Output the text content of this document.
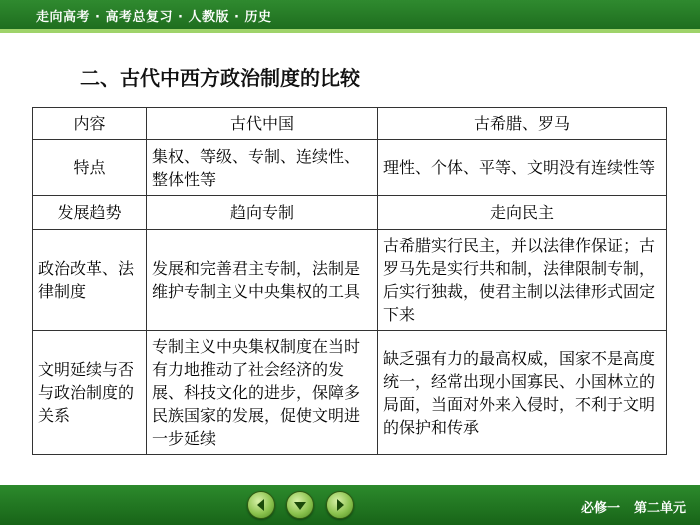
走向高考 · 高考总复习 · 人教版 · 历史
二、古代中西方政治制度的比较
内容	古代中国	古希腊、罗马
特点	集权、等级、专制、连续性、整体性等	理性、个体、平等、文明没有连续性等
发展趋势	趋向专制	走向民主
政治改革、法律制度	发展和完善君主专制，法制是维护专制主义中央集权的工具	古希腊实行民主，并以法律作保证；古罗马先是实行共和制，法律限制专制，后实行独裁，使君主制以法律形式固定下来
文明延续与否与政治制度的关系	专制主义中央集权制度在当时有力地推动了社会经济的发展、科技文化的进步，保障多民族国家的发展，促使文明进一步延续	缺乏强有力的最高权威，国家不是高度统一，经常出现小国寡民、小国林立的局面，当面对外来入侵时，不利于文明的保护和传承
必修一 第二单元
